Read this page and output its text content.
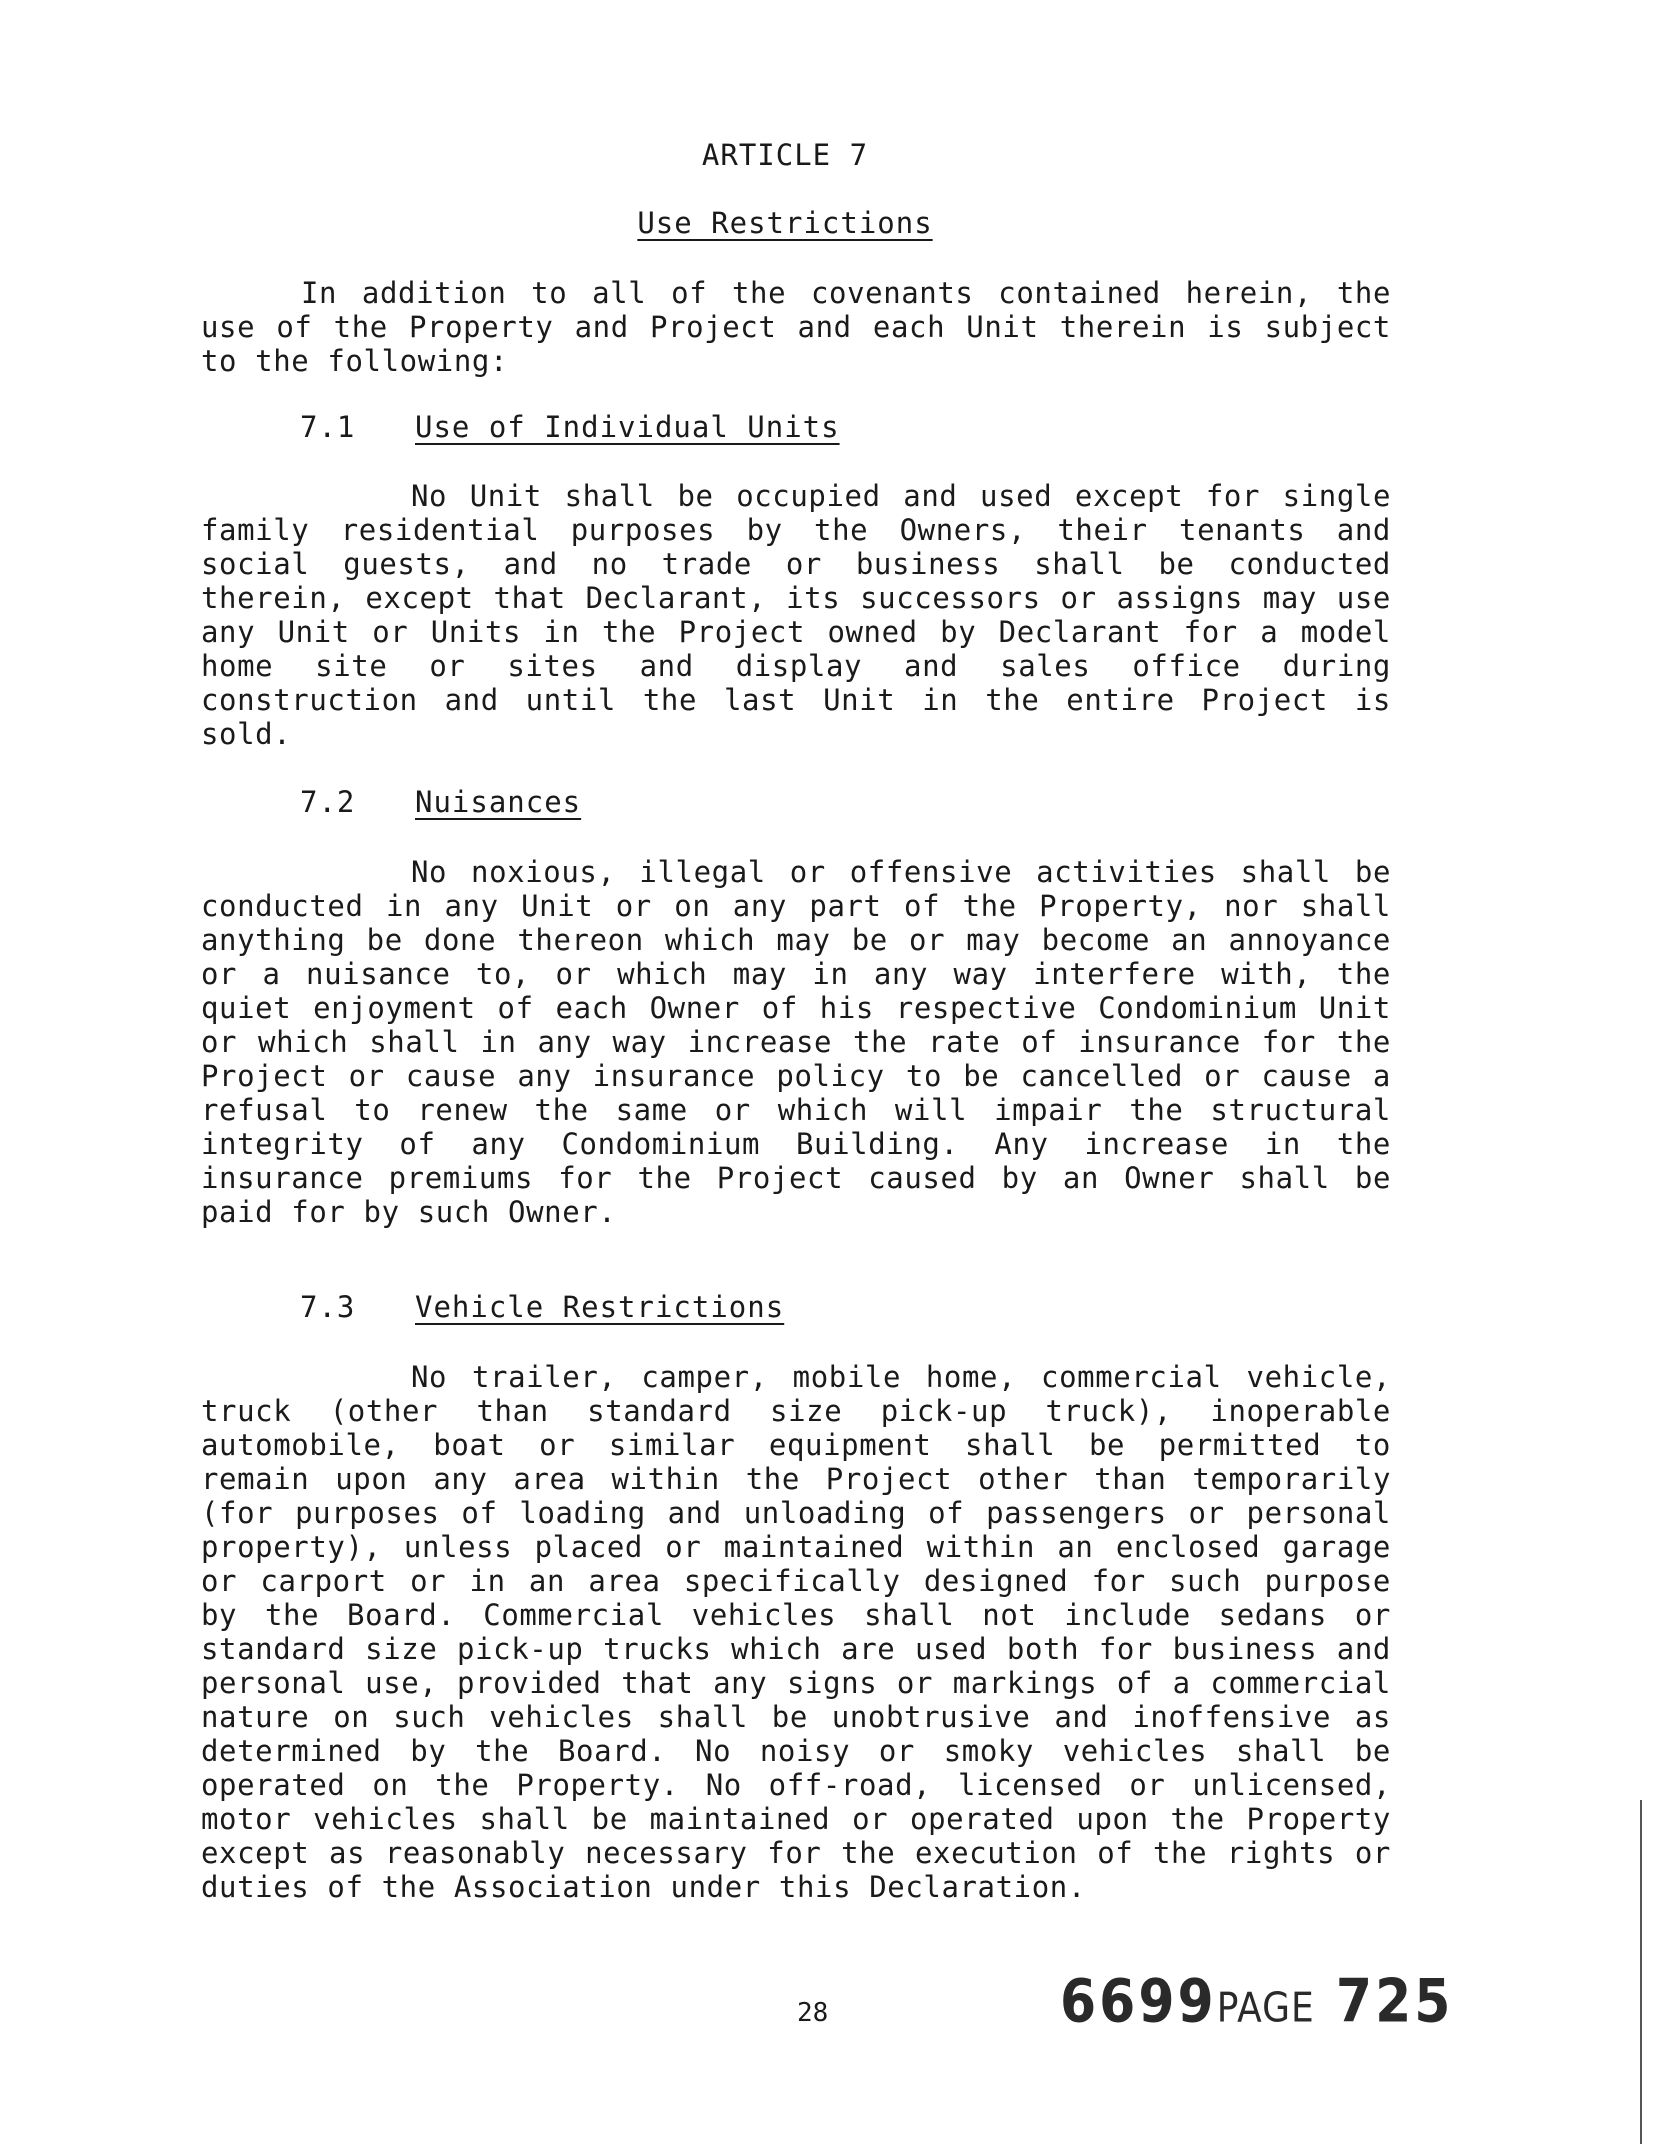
ARTICLE 7
Use Restrictions

In addition to all of the covenants contained herein, the use of the Property and Project and each Unit therein is subject to the following:

7.1 Use of Individual Units

No Unit shall be occupied and used except for single family residential purposes by the Owners, their tenants and social guests, and no trade or business shall be conducted therein, except that Declarant, its successors or assigns may use any Unit or Units in the Project owned by Declarant for a model home site or sites and display and sales office during construction and until the last Unit in the entire Project is sold.

7.2 Nuisances

No noxious, illegal or offensive activities shall be conducted in any Unit or on any part of the Property, nor shall anything be done thereon which may be or may become an annoyance or a nuisance to, or which may in any way interfere with, the quiet enjoyment of each Owner of his respective Condominium Unit or which shall in any way increase the rate of insurance for the Project or cause any insurance policy to be cancelled or cause a refusal to renew the same or which will impair the structural integrity of any Condominium Building. Any increase in the insurance premiums for the Project caused by an Owner shall be paid for by such Owner.

7.3 Vehicle Restrictions

No trailer, camper, mobile home, commercial vehicle, truck (other than standard size pick-up truck), inoperable automobile, boat or similar equipment shall be permitted to remain upon any area within the Project other than temporarily (for purposes of loading and unloading of passengers or personal property), unless placed or maintained within an enclosed garage or carport or in an area specifically designed for such purpose by the Board. Commercial vehicles shall not include sedans or standard size pick-up trucks which are used both for business and personal use, provided that any signs or markings of a commercial nature on such vehicles shall be unobtrusive and inoffensive as determined by the Board. No noisy or smoky vehicles shall be operated on the Property. No off-road, licensed or unlicensed, motor vehicles shall be maintained or operated upon the Property except as reasonably necessary for the execution of the rights or duties of the Association under this Declaration.

28	6699PAGE 725
